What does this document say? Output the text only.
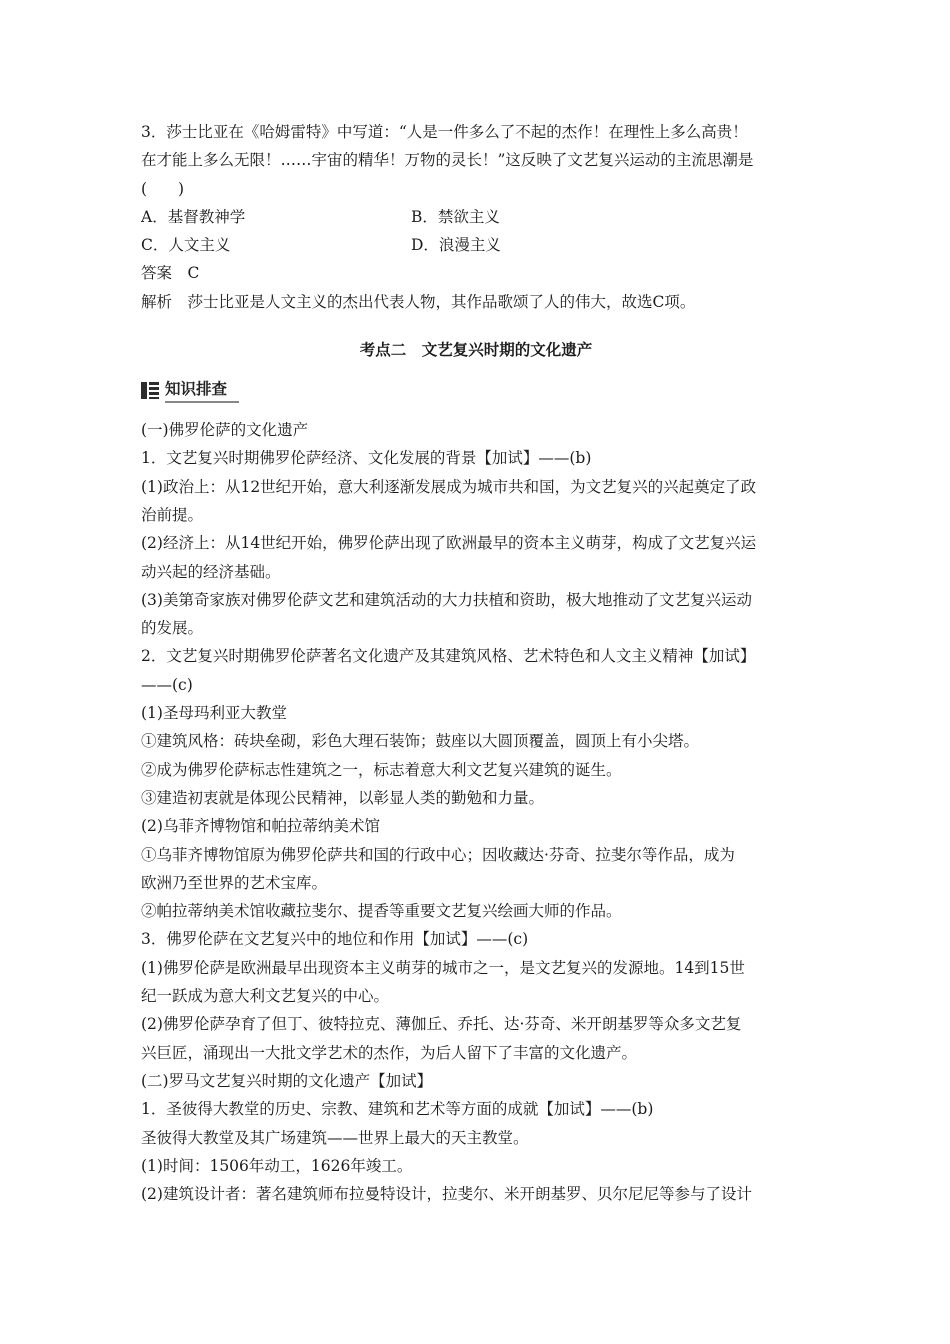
3．莎士比亚在《哈姆雷特》中写道：“人是一件多么了不起的杰作！在理性上多么高贵！
在才能上多么无限！……宇宙的精华！万物的灵长！”这反映了文艺复兴运动的主流思潮是
(　　)
A．基督教神学	B．禁欲主义
C．人文主义	D．浪漫主义
答案　C
解析　莎士比亚是人文主义的杰出代表人物，其作品歌颂了人的伟大，故选C项。
考点二　文艺复兴时期的文化遗产
知识排查
(一)佛罗伦萨的文化遗产
1．文艺复兴时期佛罗伦萨经济、文化发展的背景【加试】——(b)
(1)政治上：从12世纪开始，意大利逐渐发展成为城市共和国，为文艺复兴的兴起奠定了政
治前提。
(2)经济上：从14世纪开始，佛罗伦萨出现了欧洲最早的资本主义萌芽，构成了文艺复兴运
动兴起的经济基础。
(3)美第奇家族对佛罗伦萨文艺和建筑活动的大力扶植和资助，极大地推动了文艺复兴运动
的发展。
2．文艺复兴时期佛罗伦萨著名文化遗产及其建筑风格、艺术特色和人文主义精神【加试】
——(c)
(1)圣母玛利亚大教堂
①建筑风格：砖块垒砌，彩色大理石装饰；鼓座以大圆顶覆盖，圆顶上有小尖塔。
②成为佛罗伦萨标志性建筑之一，标志着意大利文艺复兴建筑的诞生。
③建造初衷就是体现公民精神，以彰显人类的勤勉和力量。
(2)乌菲齐博物馆和帕拉蒂纳美术馆
①乌菲齐博物馆原为佛罗伦萨共和国的行政中心；因收藏达·芬奇、拉斐尔等作品，成为
欧洲乃至世界的艺术宝库。
②帕拉蒂纳美术馆收藏拉斐尔、提香等重要文艺复兴绘画大师的作品。
3．佛罗伦萨在文艺复兴中的地位和作用【加试】——(c)
(1)佛罗伦萨是欧洲最早出现资本主义萌芽的城市之一，是文艺复兴的发源地。14到15世
纪一跃成为意大利文艺复兴的中心。
(2)佛罗伦萨孕育了但丁、彼特拉克、薄伽丘、乔托、达·芬奇、米开朗基罗等众多文艺复
兴巨匠，涌现出一大批文学艺术的杰作，为后人留下了丰富的文化遗产。
(二)罗马文艺复兴时期的文化遗产【加试】
1．圣彼得大教堂的历史、宗教、建筑和艺术等方面的成就【加试】——(b)
圣彼得大教堂及其广场建筑——世界上最大的天主教堂。
(1)时间：1506年动工，1626年竣工。
(2)建筑设计者：著名建筑师布拉曼特设计，拉斐尔、米开朗基罗、贝尔尼尼等参与了设计
